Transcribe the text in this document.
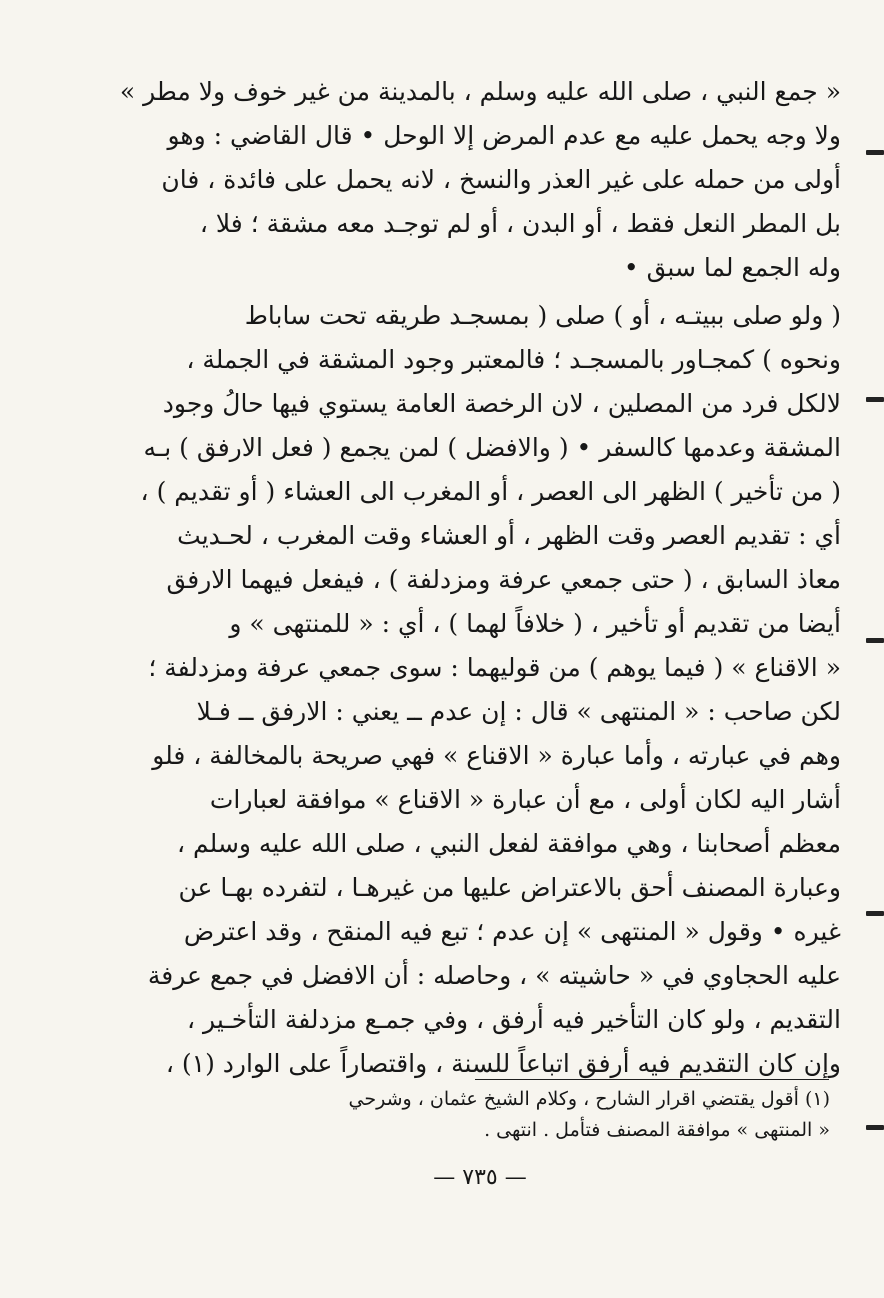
« جمع النبي ، صلى الله عليه وسلم ، بالمدينة من غير خوف ولا مطر »
ولا وجه يحمل عليه مع عدم المرض إلا الوحل • قال القاضي : وهو
أولى من حمله على غير العذر والنسخ ، لانه يحمل على فائدة ، فان
بل المطر النعل فقط ، أو البدن ، أو لم توجـد معه مشقة ؛ فلا ،
وله الجمع لما سبق •
( ولو صلى ببيتـه ، أو ) صلى ( بمسجـد طريقه تحت ساباط
ونحوه ) كمجـاور بالمسجـد ؛ فالمعتبر وجود المشقة في الجملة ،
لالكل فرد من المصلين ، لان الرخصة العامة يستوي فيها حالُ وجود
المشقة وعدمها كالسفر • ( والافضل ) لمن يجمع ( فعل الارفق ) بـه
( من تأخير ) الظهر الى العصر ، أو المغرب الى العشاء ( أو تقديم ) ،
أي : تقديم العصر وقت الظهر ، أو العشاء وقت المغرب ، لحـديث
معاذ السابق ، ( حتى جمعي عرفة ومزدلفة ) ، فيفعل فيهما الارفق
أيضا من تقديم أو تأخير ، ( خلافاً لهما ) ، أي : « للمنتهى » و
« الاقناع » ( فيما يوهم ) من قوليهما : سوى جمعي عرفة ومزدلفة ؛
لكن صاحب : « المنتهى » قال : إن عدم ــ يعني : الارفق ــ فـلا
وهم في عبارته ، وأما عبارة « الاقناع » فهي صريحة بالمخالفة ، فلو
أشار اليه لكان أولى ، مع أن عبارة « الاقناع » موافقة لعبارات
معظم أصحابنا ، وهي موافقة لفعل النبي ، صلى الله عليه وسلم ،
وعبارة المصنف أحق بالاعتراض عليها من غيرهـا ، لتفرده بهـا عن
غيره • وقول « المنتهى » إن عدم ؛ تبع فيه المنقح ، وقد اعترض
عليه الحجاوي في « حاشيته » ، وحاصله : أن الافضل في جمع عرفة
التقديم ، ولو كان التأخير فيه أرفق ، وفي جمـع مزدلفة التأخـير ،
وإن كان التقديم فيه أرفق اتباعاً للسنة ، واقتصاراً على الوارد (١) ،
(١) أقول يقتضي اقرار الشارح ، وكلام الشيخ عثمان ، وشرحي
« المنتهى » موافقة المصنف فتأمل . انتهى .
— ٧٣٥ —
